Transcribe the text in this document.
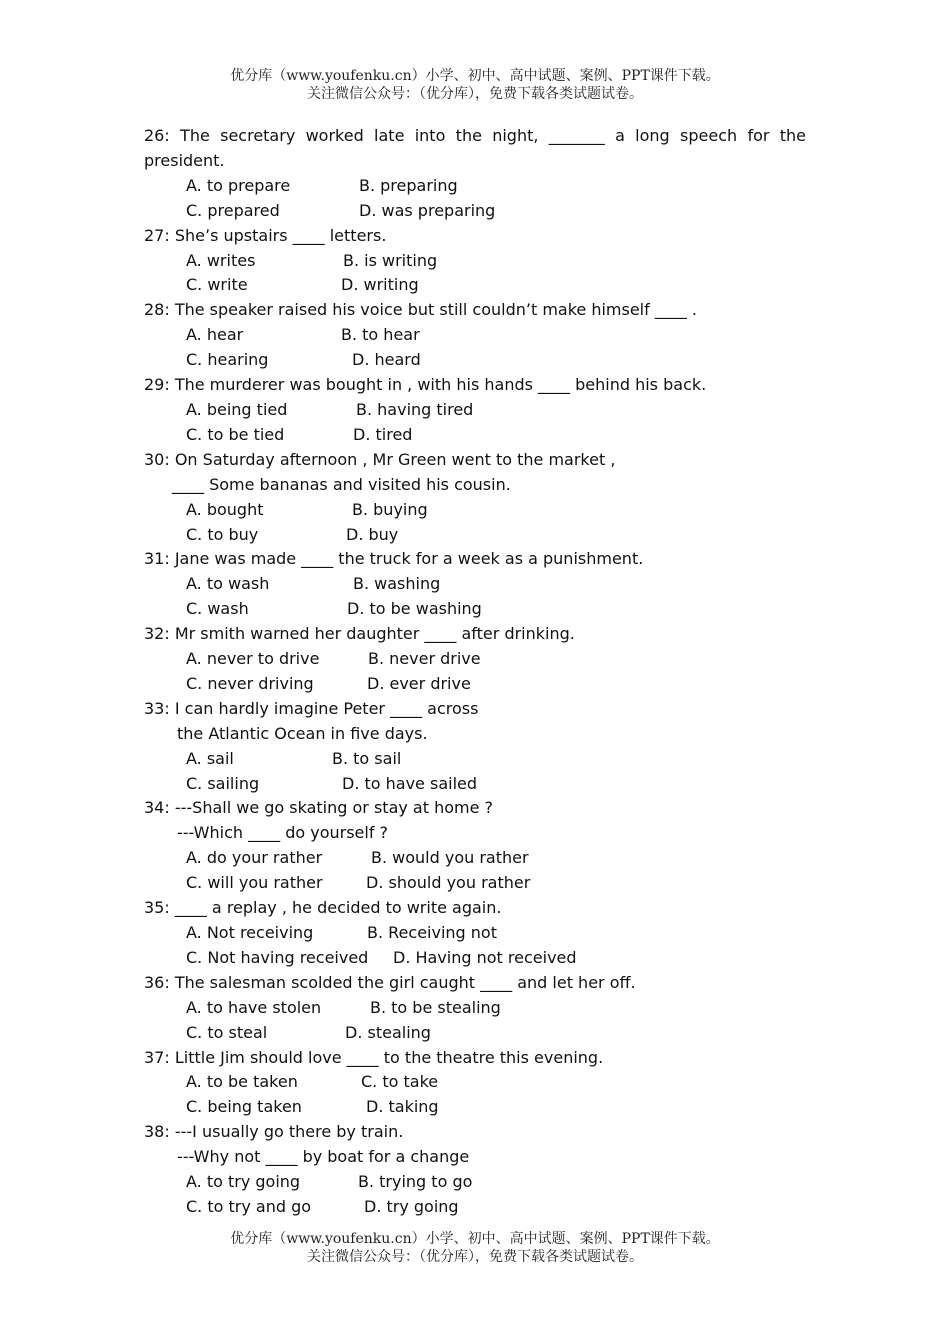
优分库（www.youfenku.cn）小学、初中、高中试题、案例、PPT课件下载。
关注微信公众号：（优分库），免费下载各类试题试卷。
26: The secretary worked late into the night, _______ a long speech for the president.
A. to prepare	B. preparing
C. prepared	D. was preparing
27: She’s upstairs ____ letters.
A. writes	B. is writing
C. write	D. writing
28: The speaker raised his voice but still couldn’t make himself ____ .
A. hear	B. to hear
C. hearing	D. heard
29: The murderer was bought in , with his hands ____ behind his back.
A. being tied	B. having tired
C. to be tied	D. tired
30: On Saturday afternoon , Mr Green went to the market ,
____ Some bananas and visited his cousin.
A. bought	B. buying
C. to buy	D. buy
31: Jane was made ____ the truck for a week as a punishment.
A. to wash	B. washing
C. wash	D. to be washing
32: Mr smith warned her daughter ____ after drinking.
A. never to drive	B. never drive
C. never driving	D. ever drive
33: I can hardly imagine Peter ____ across
the Atlantic Ocean in five days.
A. sail	B. to sail
C. sailing	D. to have sailed
34: ---Shall we go skating or stay at home ?
---Which ____ do yourself ?
A. do your rather	B. would you rather
C. will you rather	D. should you rather
35: ____ a replay , he decided to write again.
A. Not receiving	B. Receiving not
C. Not having received	D. Having not received
36: The salesman scolded the girl caught ____ and let her off.
A. to have stolen	B. to be stealing
C. to steal	D. stealing
37: Little Jim should love ____ to the theatre this evening.
A. to be taken	C. to take
C. being taken	D. taking
38: ---I usually go there by train.
---Why not ____ by boat for a change
A. to try going	B. trying to go
C. to try and go	D. try going
优分库（www.youfenku.cn）小学、初中、高中试题、案例、PPT课件下载。
关注微信公众号：（优分库），免费下载各类试题试卷。
